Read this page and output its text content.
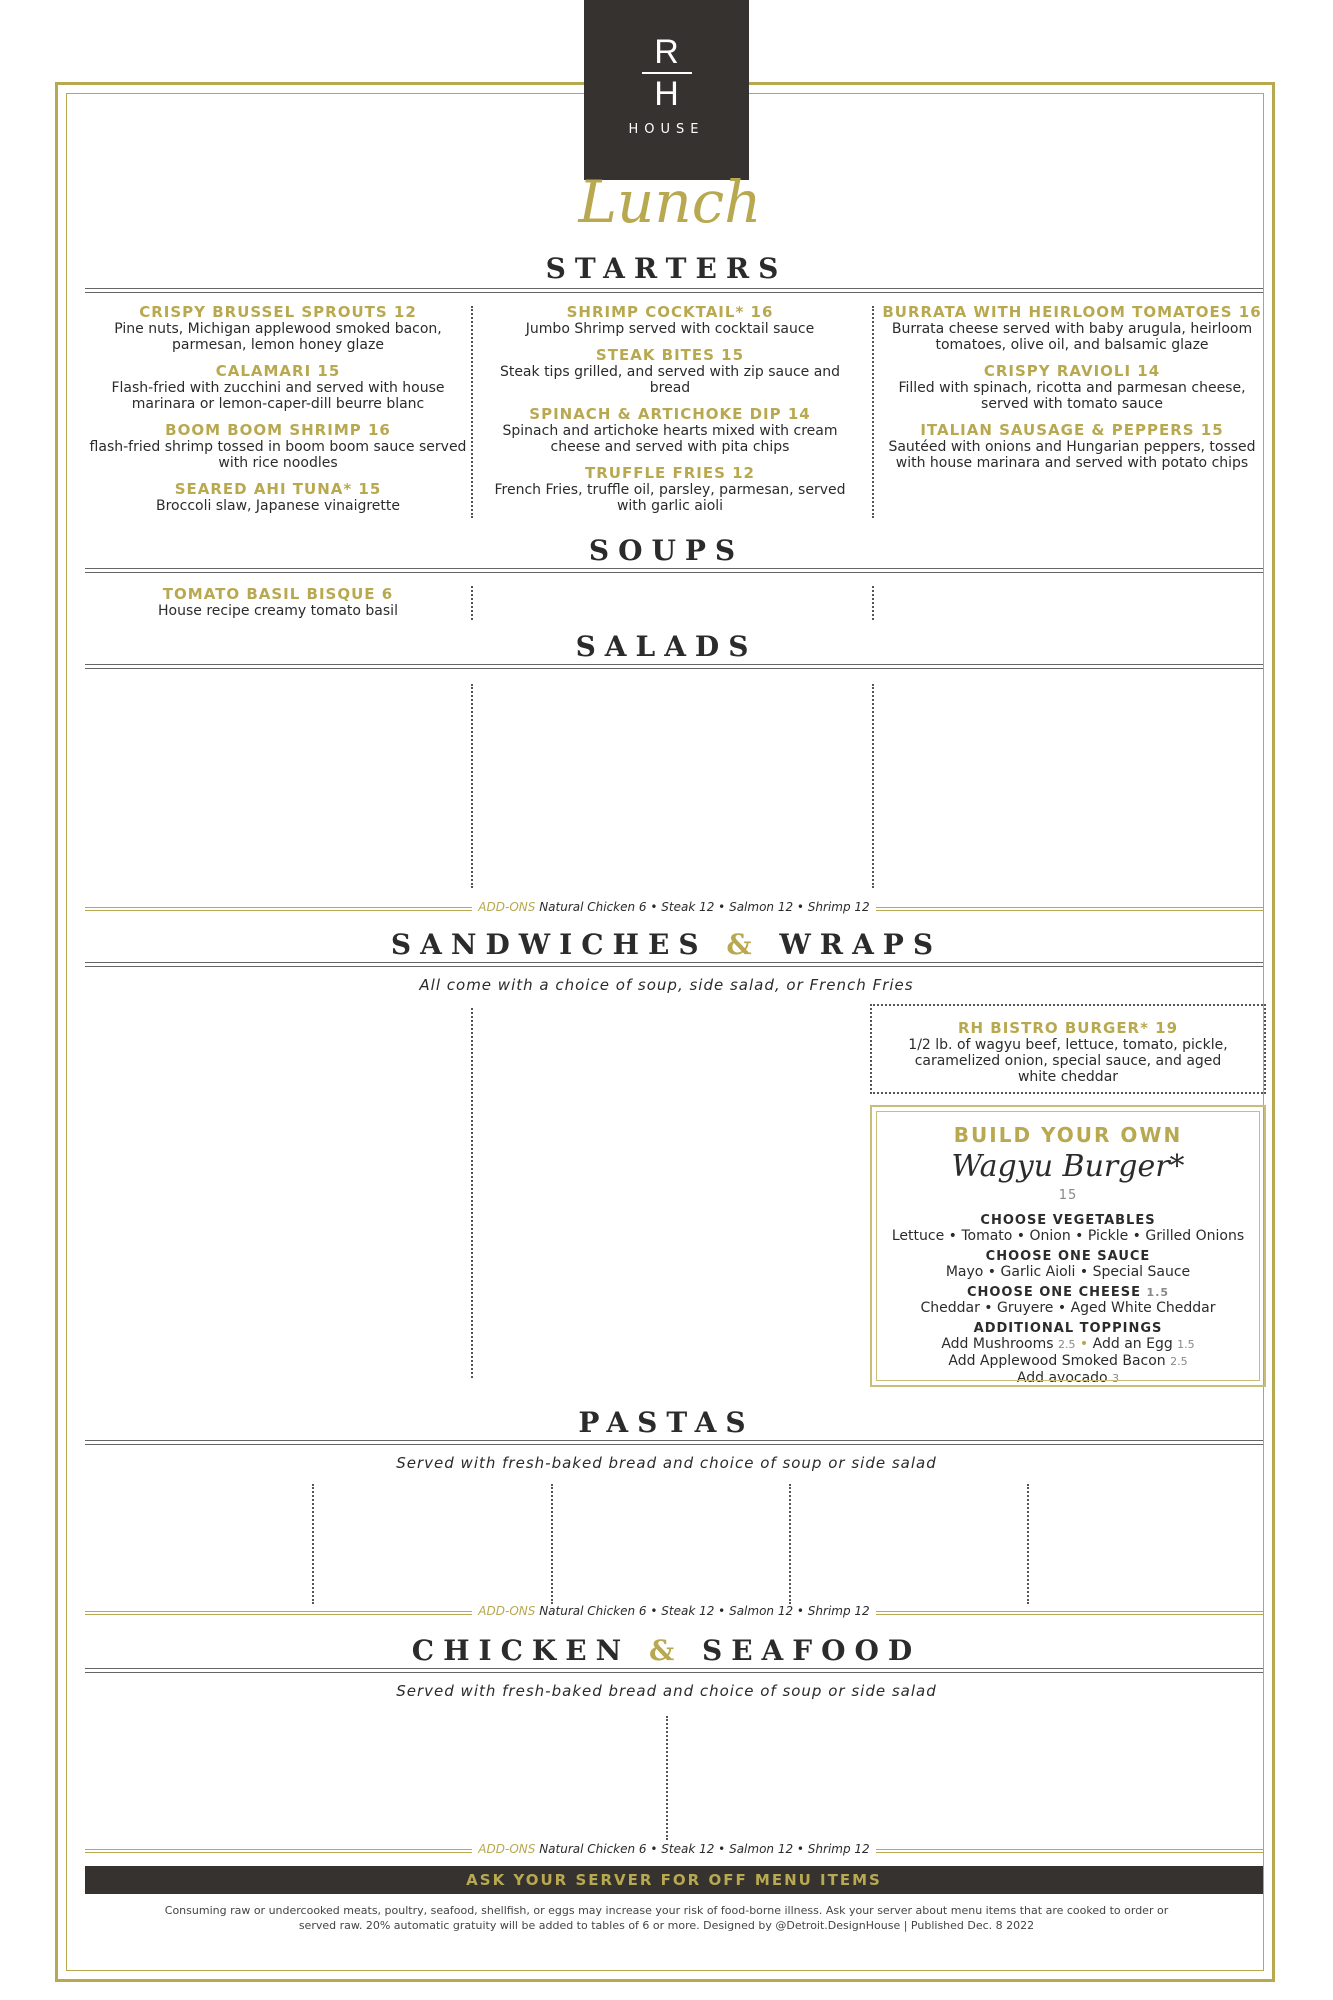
R
H
HOUSE
Lunch
STARTERS
CRISPY BRUSSEL SPROUTS 12
Pine nuts, Michigan applewood smoked bacon, parmesan, lemon honey glaze
CALAMARI 15
Flash-fried with zucchini and served with house marinara or lemon-caper-dill beurre blanc
BOOM BOOM SHRIMP 16
flash-fried shrimp tossed in boom boom sauce served with rice noodles
SEARED AHI TUNA* 15
Broccoli slaw, Japanese vinaigrette
SHRIMP COCKTAIL* 16
Jumbo Shrimp served with cocktail sauce
STEAK BITES 15
Steak tips grilled, and served with zip sauce and bread
SPINACH & ARTICHOKE DIP 14
Spinach and artichoke hearts mixed with cream cheese and served with pita chips
TRUFFLE FRIES 12
French Fries, truffle oil, parsley, parmesan, served with garlic aioli
BURRATA WITH HEIRLOOM TOMATOES 16
Burrata cheese served with baby arugula, heirloom tomatoes, olive oil, and balsamic glaze
CRISPY RAVIOLI 14
Filled with spinach, ricotta and parmesan cheese, served with tomato sauce
ITALIAN SAUSAGE & PEPPERS 15
Sautéed with onions and Hungarian peppers, tossed with house marinara and served with potato chips
SOUPS
TOMATO BASIL BISQUE 6
House recipe creamy tomato basil
SALADS
ADD-ONS Natural Chicken 6 • Steak 12 • Salmon 12 • Shrimp 12
SANDWICHES & WRAPS
All come with a choice of soup, side salad, or French Fries
RH BISTRO BURGER* 19
1/2 lb. of wagyu beef, lettuce, tomato, pickle, caramelized onion, special sauce, and aged white cheddar
BUILD YOUR OWN
Wagyu Burger*
15
CHOOSE VEGETABLES
Lettuce • Tomato • Onion • Pickle • Grilled Onions
CHOOSE ONE SAUCE
Mayo • Garlic Aioli • Special Sauce
CHOOSE ONE CHEESE 1.5
Cheddar • Gruyere • Aged White Cheddar
ADDITIONAL TOPPINGS
Add Mushrooms 2.5 • Add an Egg 1.5
Add Applewood Smoked Bacon 2.5
Add avocado 3
PASTAS
Served with fresh-baked bread and choice of soup or side salad
ADD-ONS Natural Chicken 6 • Steak 12 • Salmon 12 • Shrimp 12
CHICKEN & SEAFOOD
Served with fresh-baked bread and choice of soup or side salad
ADD-ONS Natural Chicken 6 • Steak 12 • Salmon 12 • Shrimp 12
ASK YOUR SERVER FOR OFF MENU ITEMS
Consuming raw or undercooked meats, poultry, seafood, shellfish, or eggs may increase your risk of food-borne illness. Ask your server about menu items that are cooked to order or served raw. 20% automatic gratuity will be added to tables of 6 or more. Designed by @Detroit.DesignHouse | Published Dec. 8 2022
